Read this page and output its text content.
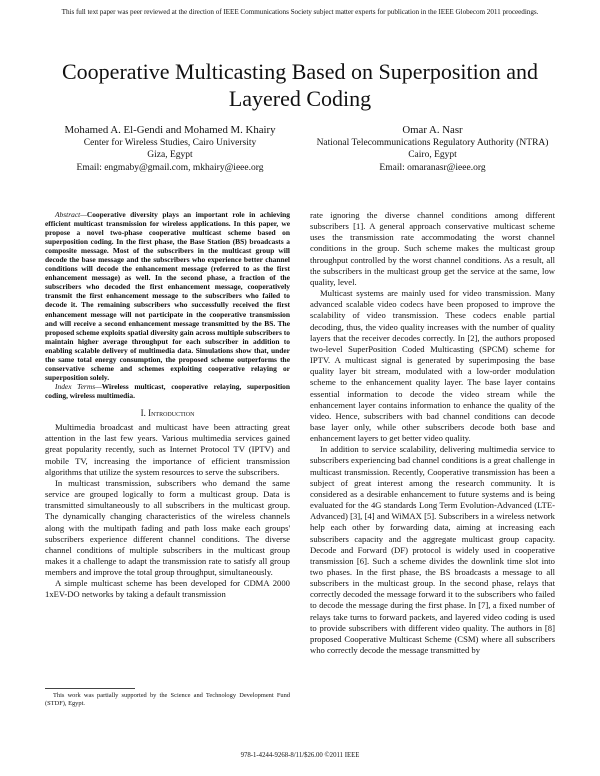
This full text paper was peer reviewed at the direction of IEEE Communications Society subject matter experts for publication in the IEEE Globecom 2011 proceedings.
Cooperative Multicasting Based on Superposition and Layered Coding
Mohamed A. El-Gendi and Mohamed M. Khairy
Center for Wireless Studies, Cairo University
Giza, Egypt
Email: engmaby@gmail.com, mkhairy@ieee.org
Omar A. Nasr
National Telecommunications Regulatory Authority (NTRA)
Cairo, Egypt
Email: omaranasr@ieee.org

Abstract—Cooperative diversity plays an important role in achieving efficient multicast transmission for wireless applications. In this paper, we propose a novel two-phase cooperative multicast scheme based on superposition coding. In the first phase, the Base Station (BS) broadcasts a composite message. Most of the subscribers in the multicast group will decode the base message and the subscribers who experience better channel conditions will decode the enhancement message (referred to as the first enhancement message) as well. In the second phase, a fraction of the subscribers who decoded the first enhancement message, cooperatively transmit the first enhancement message to the subscribers who failed to decode it. The remaining subscribers who successfully received the first enhancement message will not participate in the cooperative transmission and will receive a second enhancement message transmitted by the BS. The proposed scheme exploits spatial diversity gain across multiple subscribers to maintain higher average throughput for each subscriber in addition to enabling scalable delivery of multimedia data. Simulations show that, under the same total energy consumption, the proposed scheme outperforms the conservative scheme and schemes exploiting cooperative relaying or superposition solely.

Index Terms—Wireless multicast, cooperative relaying, superposition coding, wireless multimedia.

I. Introduction

Multimedia broadcast and multicast have been attracting great attention in the last few years. Various multimedia services gained great popularity recently, such as Internet Protocol TV (IPTV) and mobile TV, increasing the importance of efficient transmission algorithms that utilize the system resources to serve the subscribers.

In multicast transmission, subscribers who demand the same service are grouped logically to form a multicast group. Data is transmitted simultaneously to all subscribers in the multicast group. The dynamically changing characteristics of the wireless channels along with the multipath fading and path loss make each groups' subscribers experience different channel conditions. The diverse channel conditions of multiple subscribers in the multicast group makes it a challenge to adapt the transmission rate to satisfy all group members and improve the total group throughput, simultaneously.

A simple multicast scheme has been developed for CDMA 2000 1xEV-DO networks by taking a default transmission

rate ignoring the diverse channel conditions among different subscribers [1]. A general approach conservative multicast scheme uses the transmission rate accommodating the worst channel conditions in the group. Such scheme makes the multicast group throughput controlled by the worst channel conditions. As a result, all the subscribers in the multicast group get the service at the same, low quality, level.

Multicast systems are mainly used for video transmission. Many advanced scalable video codecs have been proposed to improve the scalability of video transmission. These codecs enable partial decoding, thus, the video quality increases with the number of quality layers that the receiver decodes correctly. In [2], the authors proposed two-level SuperPosition Coded Multicasting (SPCM) scheme for IPTV. A multicast signal is generated by superimposing the base quality layer bit stream, modulated with a low-order modulation scheme to the enhancement quality layer. The base layer contains essential information to decode the video stream while the enhancement layer contains information to enhance the quality of the video. Hence, subscribers with bad channel conditions can decode base layer only, while other subscribers decode both base and enhancement layers to get better video quality.

In addition to service scalability, delivering multimedia service to subscribers experiencing bad channel conditions is a great challenge in multicast transmission. Recently, Cooperative transmission has been a subject of great interest among the research community. It is considered as a desirable enhancement to future systems and is being evaluated for the 4G standards Long Term Evolution-Advanced (LTE-Advanced) [3], [4] and WiMAX [5]. Subscribers in a wireless network help each other by forwarding data, aiming at increasing each subscribers capacity and the aggregate multicast group capacity. Decode and Forward (DF) protocol is widely used in cooperative transmission [6]. Such a scheme divides the downlink time slot into two phases. In the first phase, the BS broadcasts a message to all subscribers in the multicast group. In the second phase, relays that correctly decoded the message forward it to the subscribers who failed to decode the message during the first phase. In [7], a fixed number of relays take turns to forward packets, and layered video coding is used to provide subscribers with different video quality. The authors in [8] proposed Cooperative Multicast Scheme (CSM) where all subscribers who correctly decode the message transmitted by

This work was partially supported by the Science and Technology Development Fund (STDF), Egypt.
978-1-4244-9268-8/11/$26.00 ©2011 IEEE
